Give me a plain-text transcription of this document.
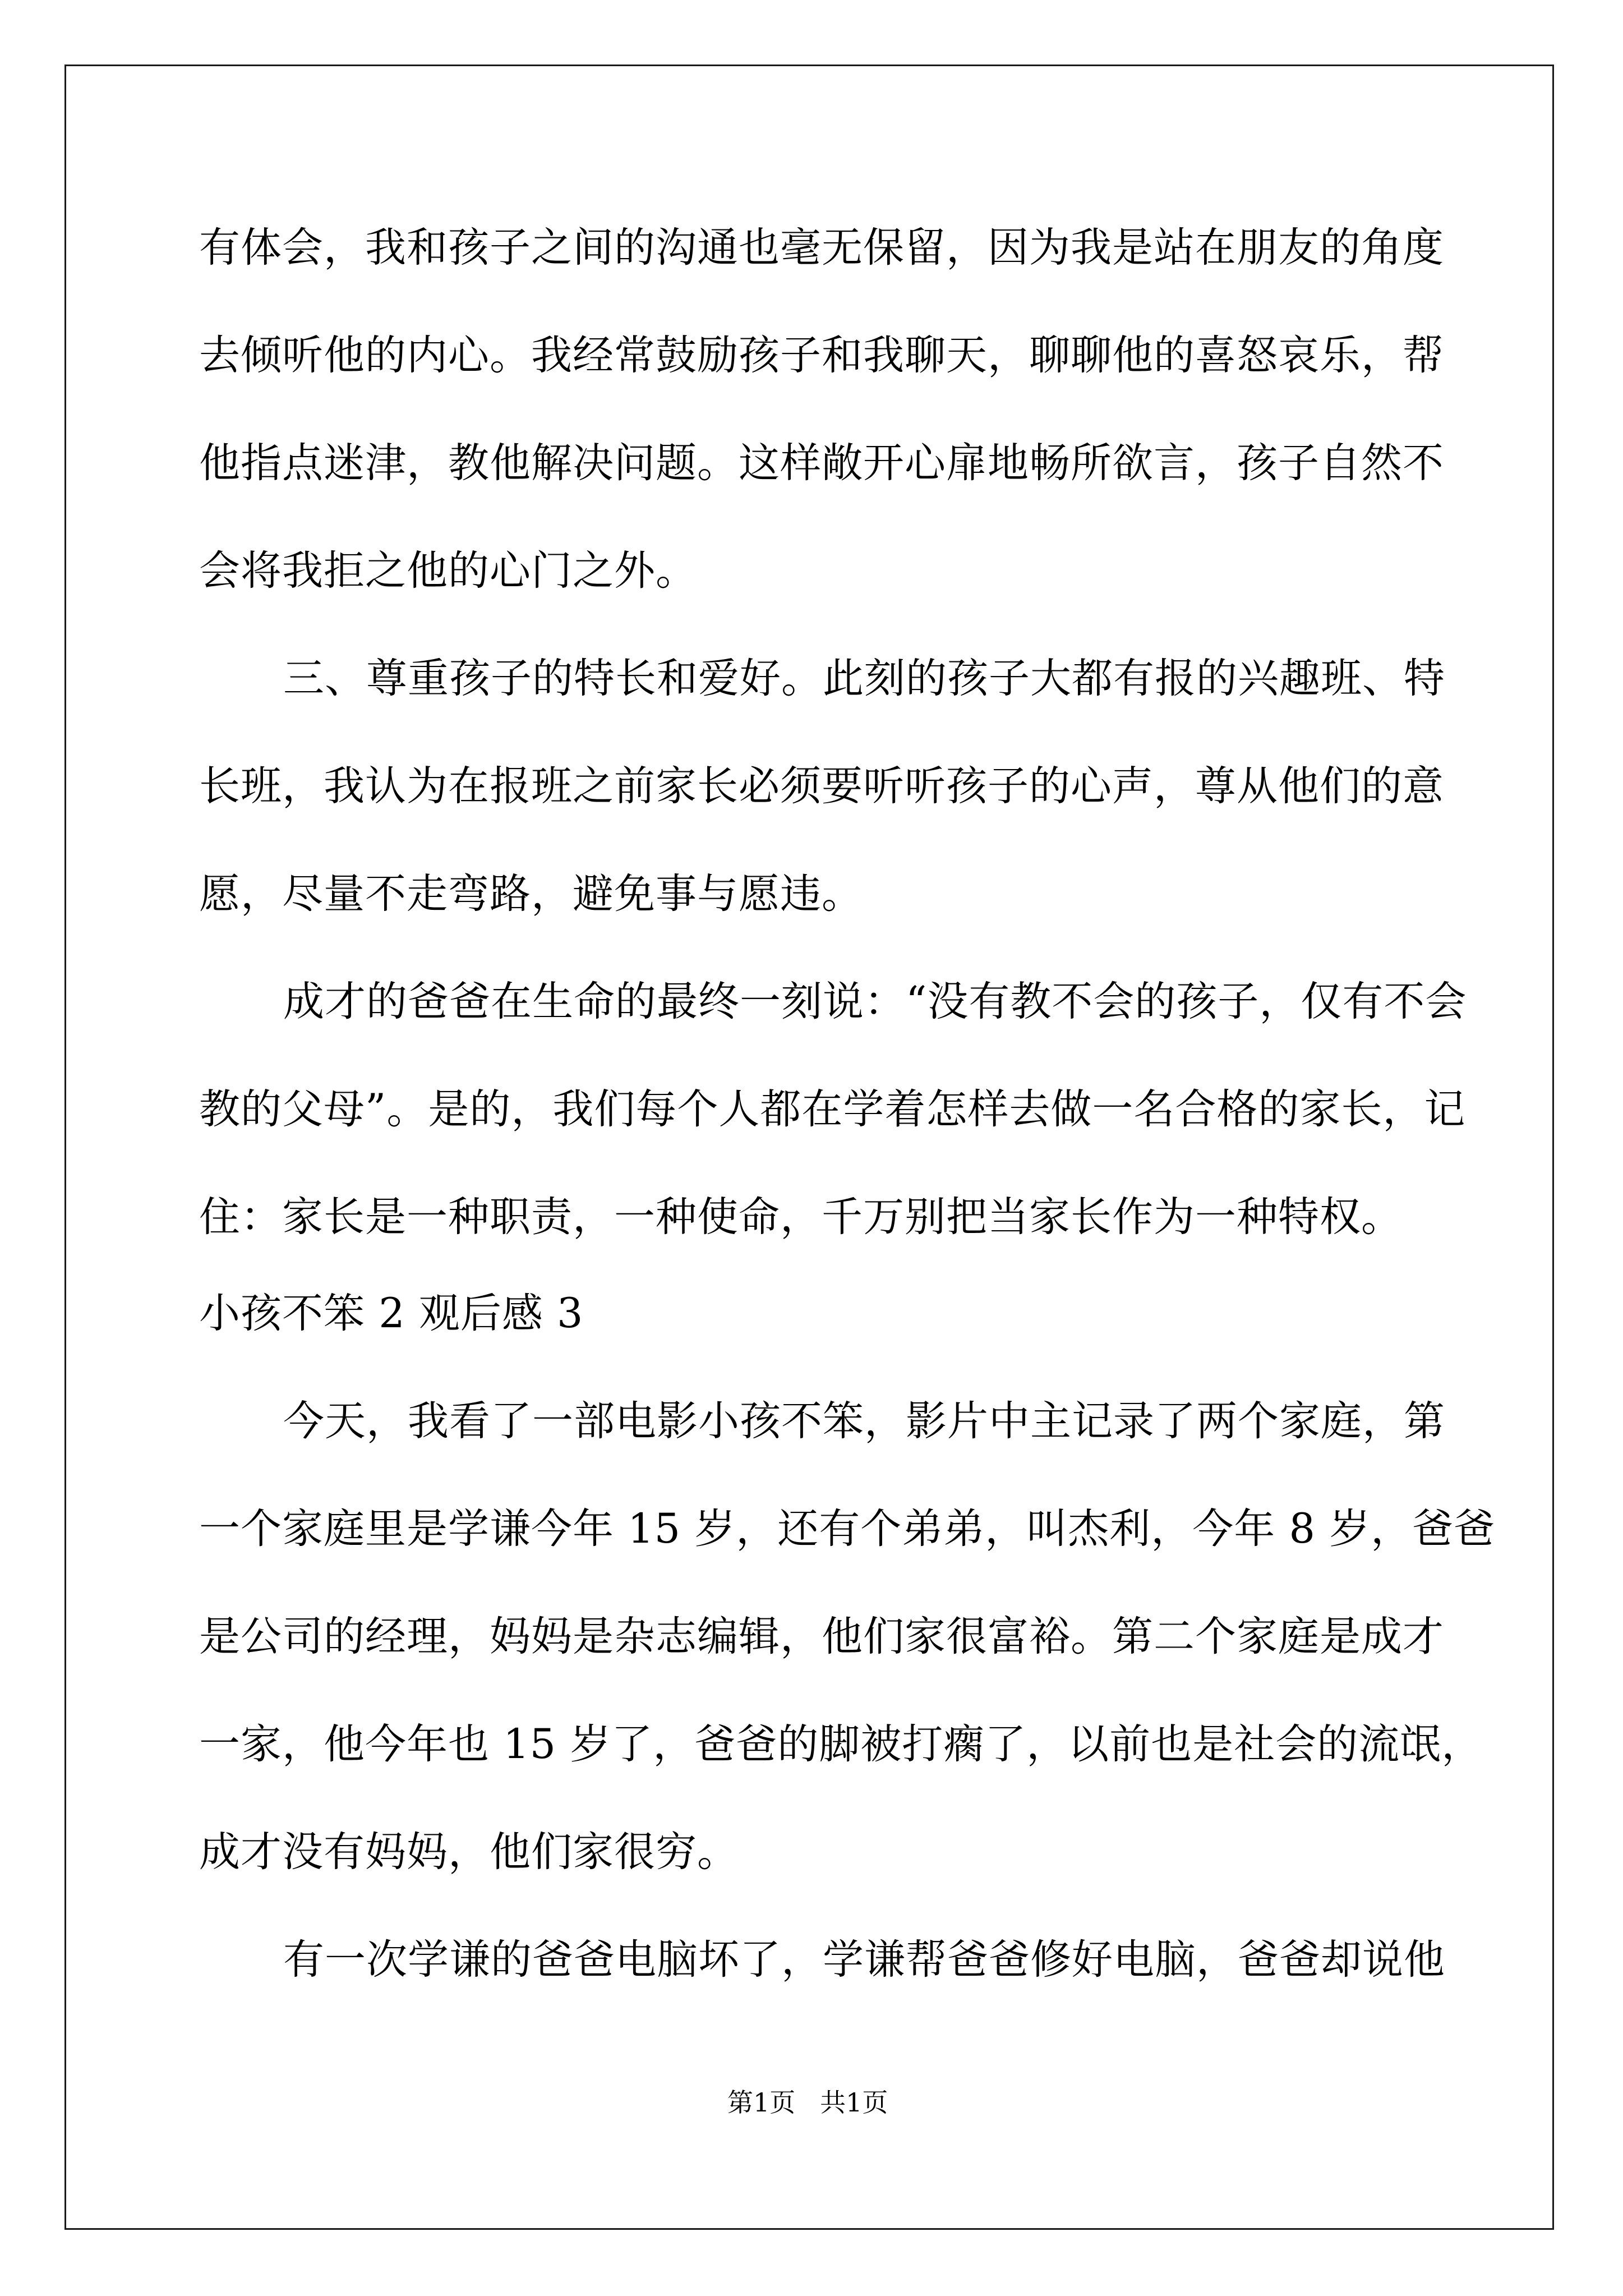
有体会，我和孩子之间的沟通也毫无保留，因为我是站在朋友的角度
去倾听他的内心。我经常鼓励孩子和我聊天，聊聊他的喜怒哀乐，帮
他指点迷津，教他解决问题。这样敞开心扉地畅所欲言，孩子自然不
会将我拒之他的心门之外。
三、尊重孩子的特长和爱好。此刻的孩子大都有报的兴趣班、特
长班，我认为在报班之前家长必须要听听孩子的心声，尊从他们的意
愿，尽量不走弯路，避免事与愿违。
成才的爸爸在生命的最终一刻说：“没有教不会的孩子，仅有不会
教的父母”。是的，我们每个人都在学着怎样去做一名合格的家长，记
住：家长是一种职责，一种使命，千万别把当家长作为一种特权。
小孩不笨 2 观后感 3
今天，我看了一部电影小孩不笨，影片中主记录了两个家庭，第
一个家庭里是学谦今年 15 岁，还有个弟弟，叫杰利，今年 8 岁，爸爸
是公司的经理，妈妈是杂志编辑，他们家很富裕。第二个家庭是成才
一家，他今年也 15 岁了，爸爸的脚被打瘸了，以前也是社会的流氓，
成才没有妈妈，他们家很穷。
有一次学谦的爸爸电脑坏了，学谦帮爸爸修好电脑，爸爸却说他
第1页   共1页
